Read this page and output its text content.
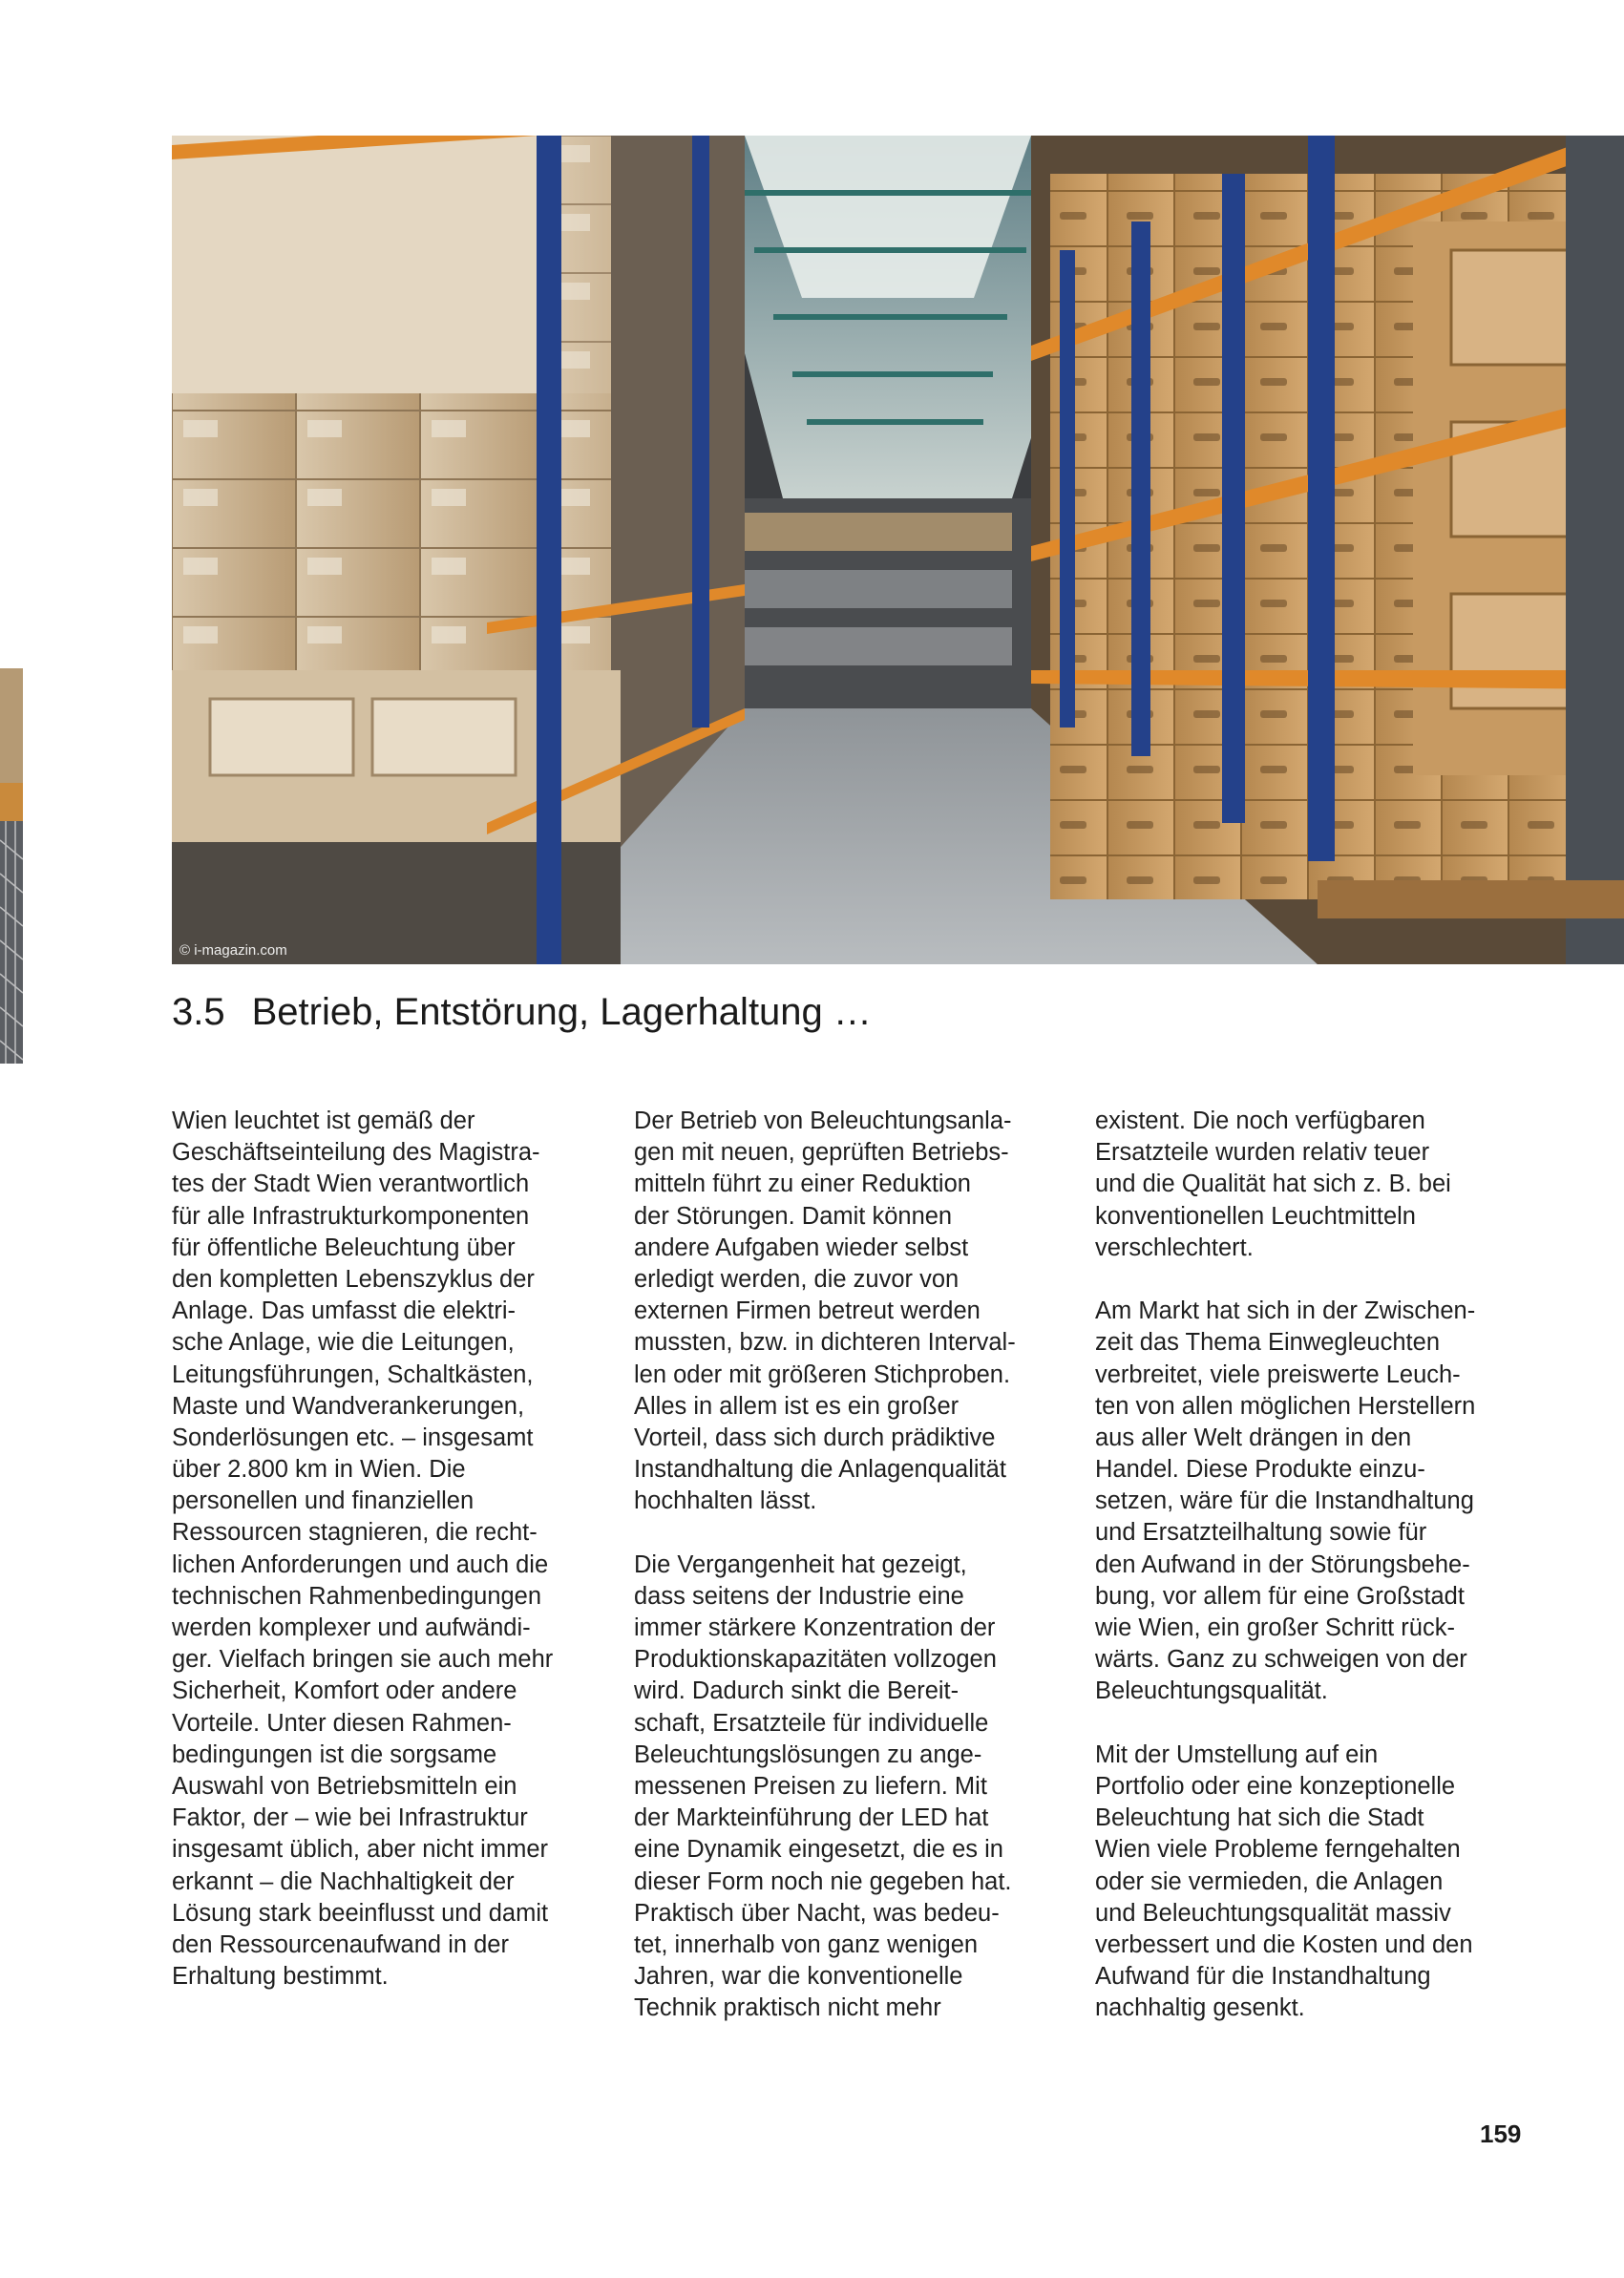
© i-magazin.com
3.5 Betrieb, Entstörung, Lagerhaltung …
Wien leuchtet ist gemäß der
Geschäftseinteilung des Magistra-
tes der Stadt Wien verantwortlich
für alle Infrastrukturkomponenten
für öffentliche Beleuchtung über
den kompletten Lebenszyklus der
Anlage. Das umfasst die elektri-
sche Anlage, wie die Leitungen,
Leitungsführungen, Schaltkästen,
Maste und Wandverankerungen,
Sonderlösungen etc. – insgesamt
über 2.800 km in Wien. Die
personellen und finanziellen
Ressourcen stagnieren, die recht-
lichen Anforderungen und auch die
technischen Rahmenbedingungen
werden komplexer und aufwändi-
ger. Vielfach bringen sie auch mehr
Sicherheit, Komfort oder andere
Vorteile. Unter diesen Rahmen-
bedingungen ist die sorgsame
Auswahl von Betriebsmitteln ein
Faktor, der – wie bei Infrastruktur
insgesamt üblich, aber nicht immer
erkannt – die Nachhaltigkeit der
Lösung stark beeinflusst und damit
den Ressourcenaufwand in der
Erhaltung bestimmt.
Der Betrieb von Beleuchtungsanla-
gen mit neuen, geprüften Betriebs-
mitteln führt zu einer Reduktion
der Störungen. Damit können
andere Aufgaben wieder selbst
erledigt werden, die zuvor von
externen Firmen betreut werden
mussten, bzw. in dichteren Interval-
len oder mit größeren Stichproben.
Alles in allem ist es ein großer
Vorteil, dass sich durch prädiktive
Instandhaltung die Anlagenqualität
hochhalten lässt.
Die Vergangenheit hat gezeigt,
dass seitens der Industrie eine
immer stärkere Konzentration der
Produktionskapazitäten vollzogen
wird. Dadurch sinkt die Bereit-
schaft, Ersatzteile für individuelle
Beleuchtungslösungen zu ange-
messenen Preisen zu liefern. Mit
der Markteinführung der LED hat
eine Dynamik eingesetzt, die es in
dieser Form noch nie gegeben hat.
Praktisch über Nacht, was bedeu-
tet, innerhalb von ganz wenigen
Jahren, war die konventionelle
Technik praktisch nicht mehr
existent. Die noch verfügbaren
Ersatzteile wurden relativ teuer
und die Qualität hat sich z. B. bei
konventionellen Leuchtmitteln
verschlechtert.
Am Markt hat sich in der Zwischen-
zeit das Thema Einwegleuchten
verbreitet, viele preiswerte Leuch-
ten von allen möglichen Herstellern
aus aller Welt drängen in den
Handel. Diese Produkte einzu-
setzen, wäre für die Instandhaltung
und Ersatzteilhaltung sowie für
den Aufwand in der Störungsbehe-
bung, vor allem für eine Großstadt
wie Wien, ein großer Schritt rück-
wärts. Ganz zu schweigen von der
Beleuchtungsqualität.
Mit der Umstellung auf ein
Portfolio oder eine konzeptionelle
Beleuchtung hat sich die Stadt
Wien viele Probleme ferngehalten
oder sie vermieden, die Anlagen
und Beleuchtungsqualität massiv
verbessert und die Kosten und den
Aufwand für die Instandhaltung
nachhaltig gesenkt.
159
